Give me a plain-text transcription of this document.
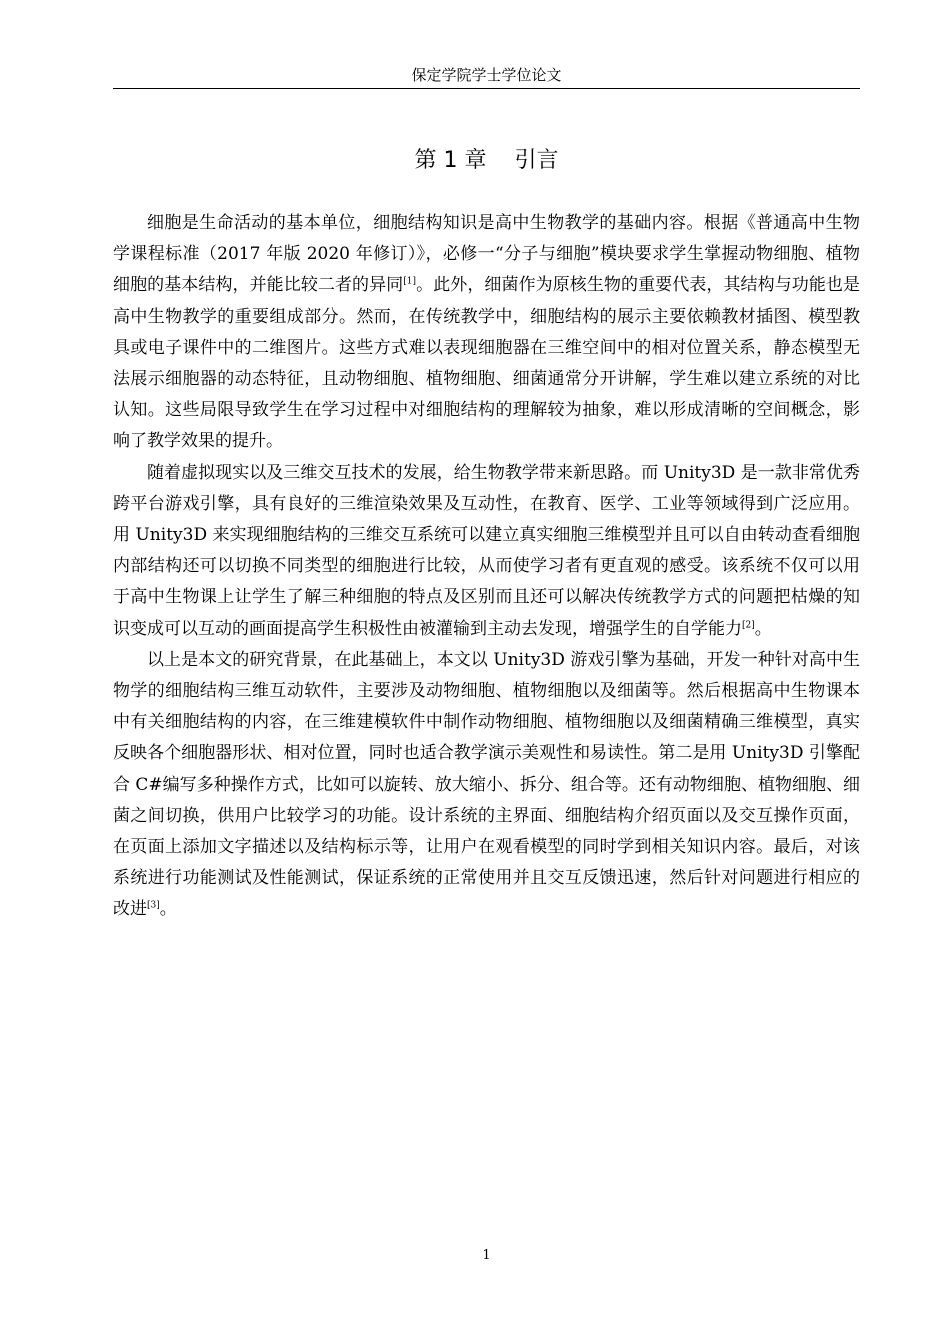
保定学院学士学位论文
第 1 章 引言

细胞是生命活动的基本单位，细胞结构知识是高中生物教学的基础内容。根据《普通高中生物学课程标准（2017 年版 2020 年修订）》，必修一“分子与细胞”模块要求学生掌握动物细胞、植物细胞的基本结构，并能比较二者的异同[1]。此外，细菌作为原核生物的重要代表，其结构与功能也是高中生物教学的重要组成部分。然而，在传统教学中，细胞结构的展示主要依赖教材插图、模型教具或电子课件中的二维图片。这些方式难以表现细胞器在三维空间中的相对位置关系，静态模型无法展示细胞器的动态特征，且动物细胞、植物细胞、细菌通常分开讲解，学生难以建立系统的对比认知。这些局限导致学生在学习过程中对细胞结构的理解较为抽象，难以形成清晰的空间概念，影响了教学效果的提升。

随着虚拟现实以及三维交互技术的发展，给生物教学带来新思路。而 Unity3D 是一款非常优秀跨平台游戏引擎，具有良好的三维渲染效果及互动性，在教育、医学、工业等领域得到广泛应用。用 Unity3D 来实现细胞结构的三维交互系统可以建立真实细胞三维模型并且可以自由转动查看细胞内部结构还可以切换不同类型的细胞进行比较，从而使学习者有更直观的感受。该系统不仅可以用于高中生物课上让学生了解三种细胞的特点及区别而且还可以解决传统教学方式的问题把枯燥的知识变成可以互动的画面提高学生积极性由被灌输到主动去发现，增强学生的自学能力[2]。

以上是本文的研究背景，在此基础上，本文以 Unity3D 游戏引擎为基础，开发一种针对高中生物学的细胞结构三维互动软件，主要涉及动物细胞、植物细胞以及细菌等。然后根据高中生物课本中有关细胞结构的内容，在三维建模软件中制作动物细胞、植物细胞以及细菌精确三维模型，真实反映各个细胞器形状、相对位置，同时也适合教学演示美观性和易读性。第二是用 Unity3D 引擎配合 C#编写多种操作方式，比如可以旋转、放大缩小、拆分、组合等。还有动物细胞、植物细胞、细菌之间切换，供用户比较学习的功能。设计系统的主界面、细胞结构介绍页面以及交互操作页面，在页面上添加文字描述以及结构标示等，让用户在观看模型的同时学到相关知识内容。最后，对该系统进行功能测试及性能测试，保证系统的正常使用并且交互反馈迅速，然后针对问题进行相应的改进[3]。

1
